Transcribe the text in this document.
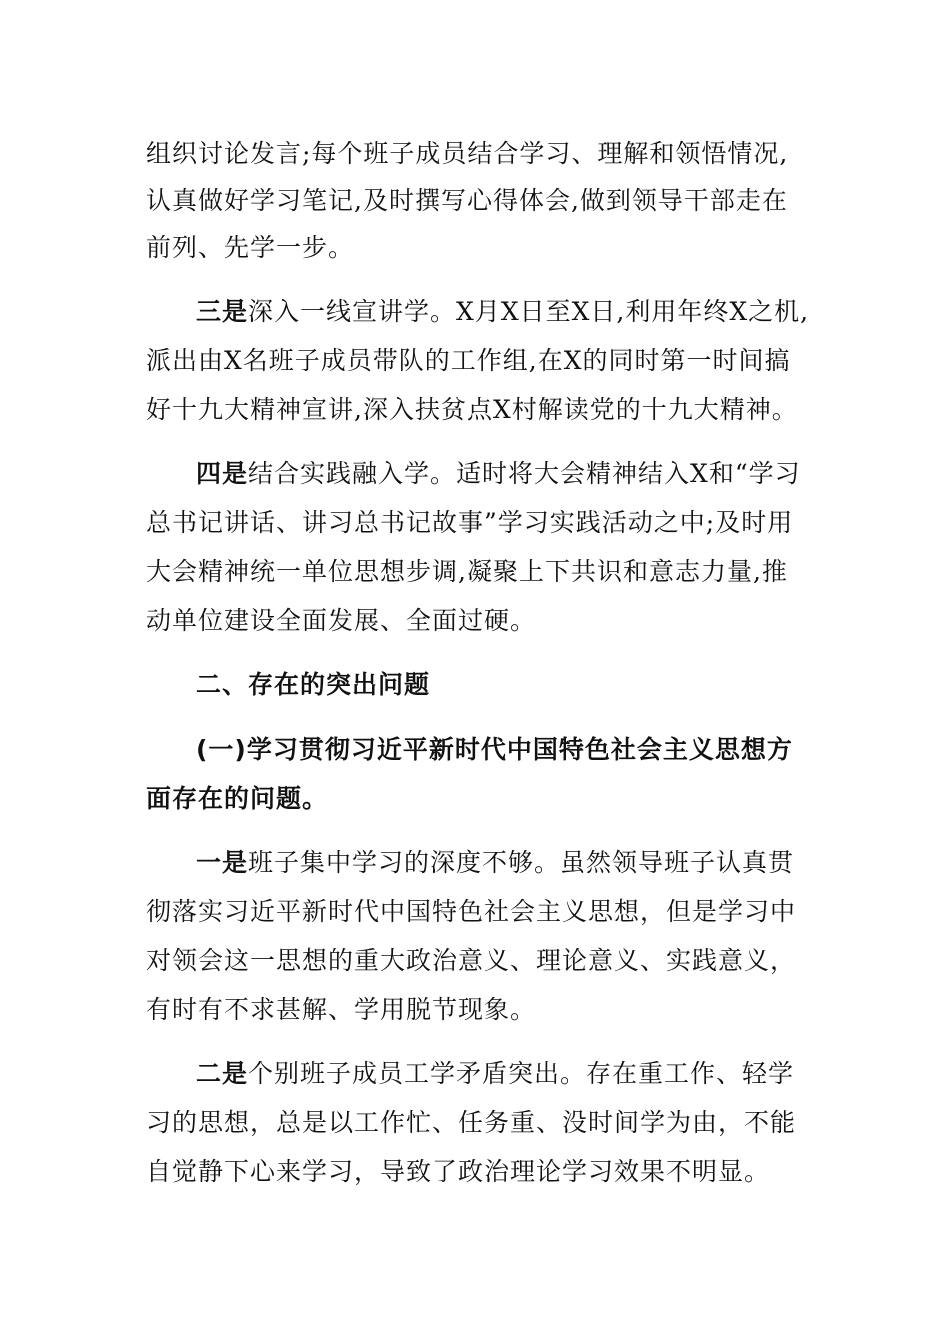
组织讨论发言;每个班子成员结合学习、理解和领悟情况,
认真做好学习笔记,及时撰写心得体会,做到领导干部走在
前列、先学一步。
三是深入一线宣讲学。X月X日至X日,利用年终X之机,
派出由X名班子成员带队的工作组,在X的同时第一时间搞
好十九大精神宣讲,深入扶贫点X村解读党的十九大精神。
四是结合实践融入学。适时将大会精神结入X和“学习
总书记讲话、讲习总书记故事”学习实践活动之中;及时用
大会精神统一单位思想步调,凝聚上下共识和意志力量,推
动单位建设全面发展、全面过硬。
二、存在的突出问题
(一)学习贯彻习近平新时代中国特色社会主义思想方
面存在的问题。
一是班子集中学习的深度不够。虽然领导班子认真贯
彻落实习近平新时代中国特色社会主义思想，但是学习中
对领会这一思想的重大政治意义、理论意义、实践意义，
有时有不求甚解、学用脱节现象。
二是个别班子成员工学矛盾突出。存在重工作、轻学
习的思想，总是以工作忙、任务重、没时间学为由，不能
自觉静下心来学习，导致了政治理论学习效果不明显。
